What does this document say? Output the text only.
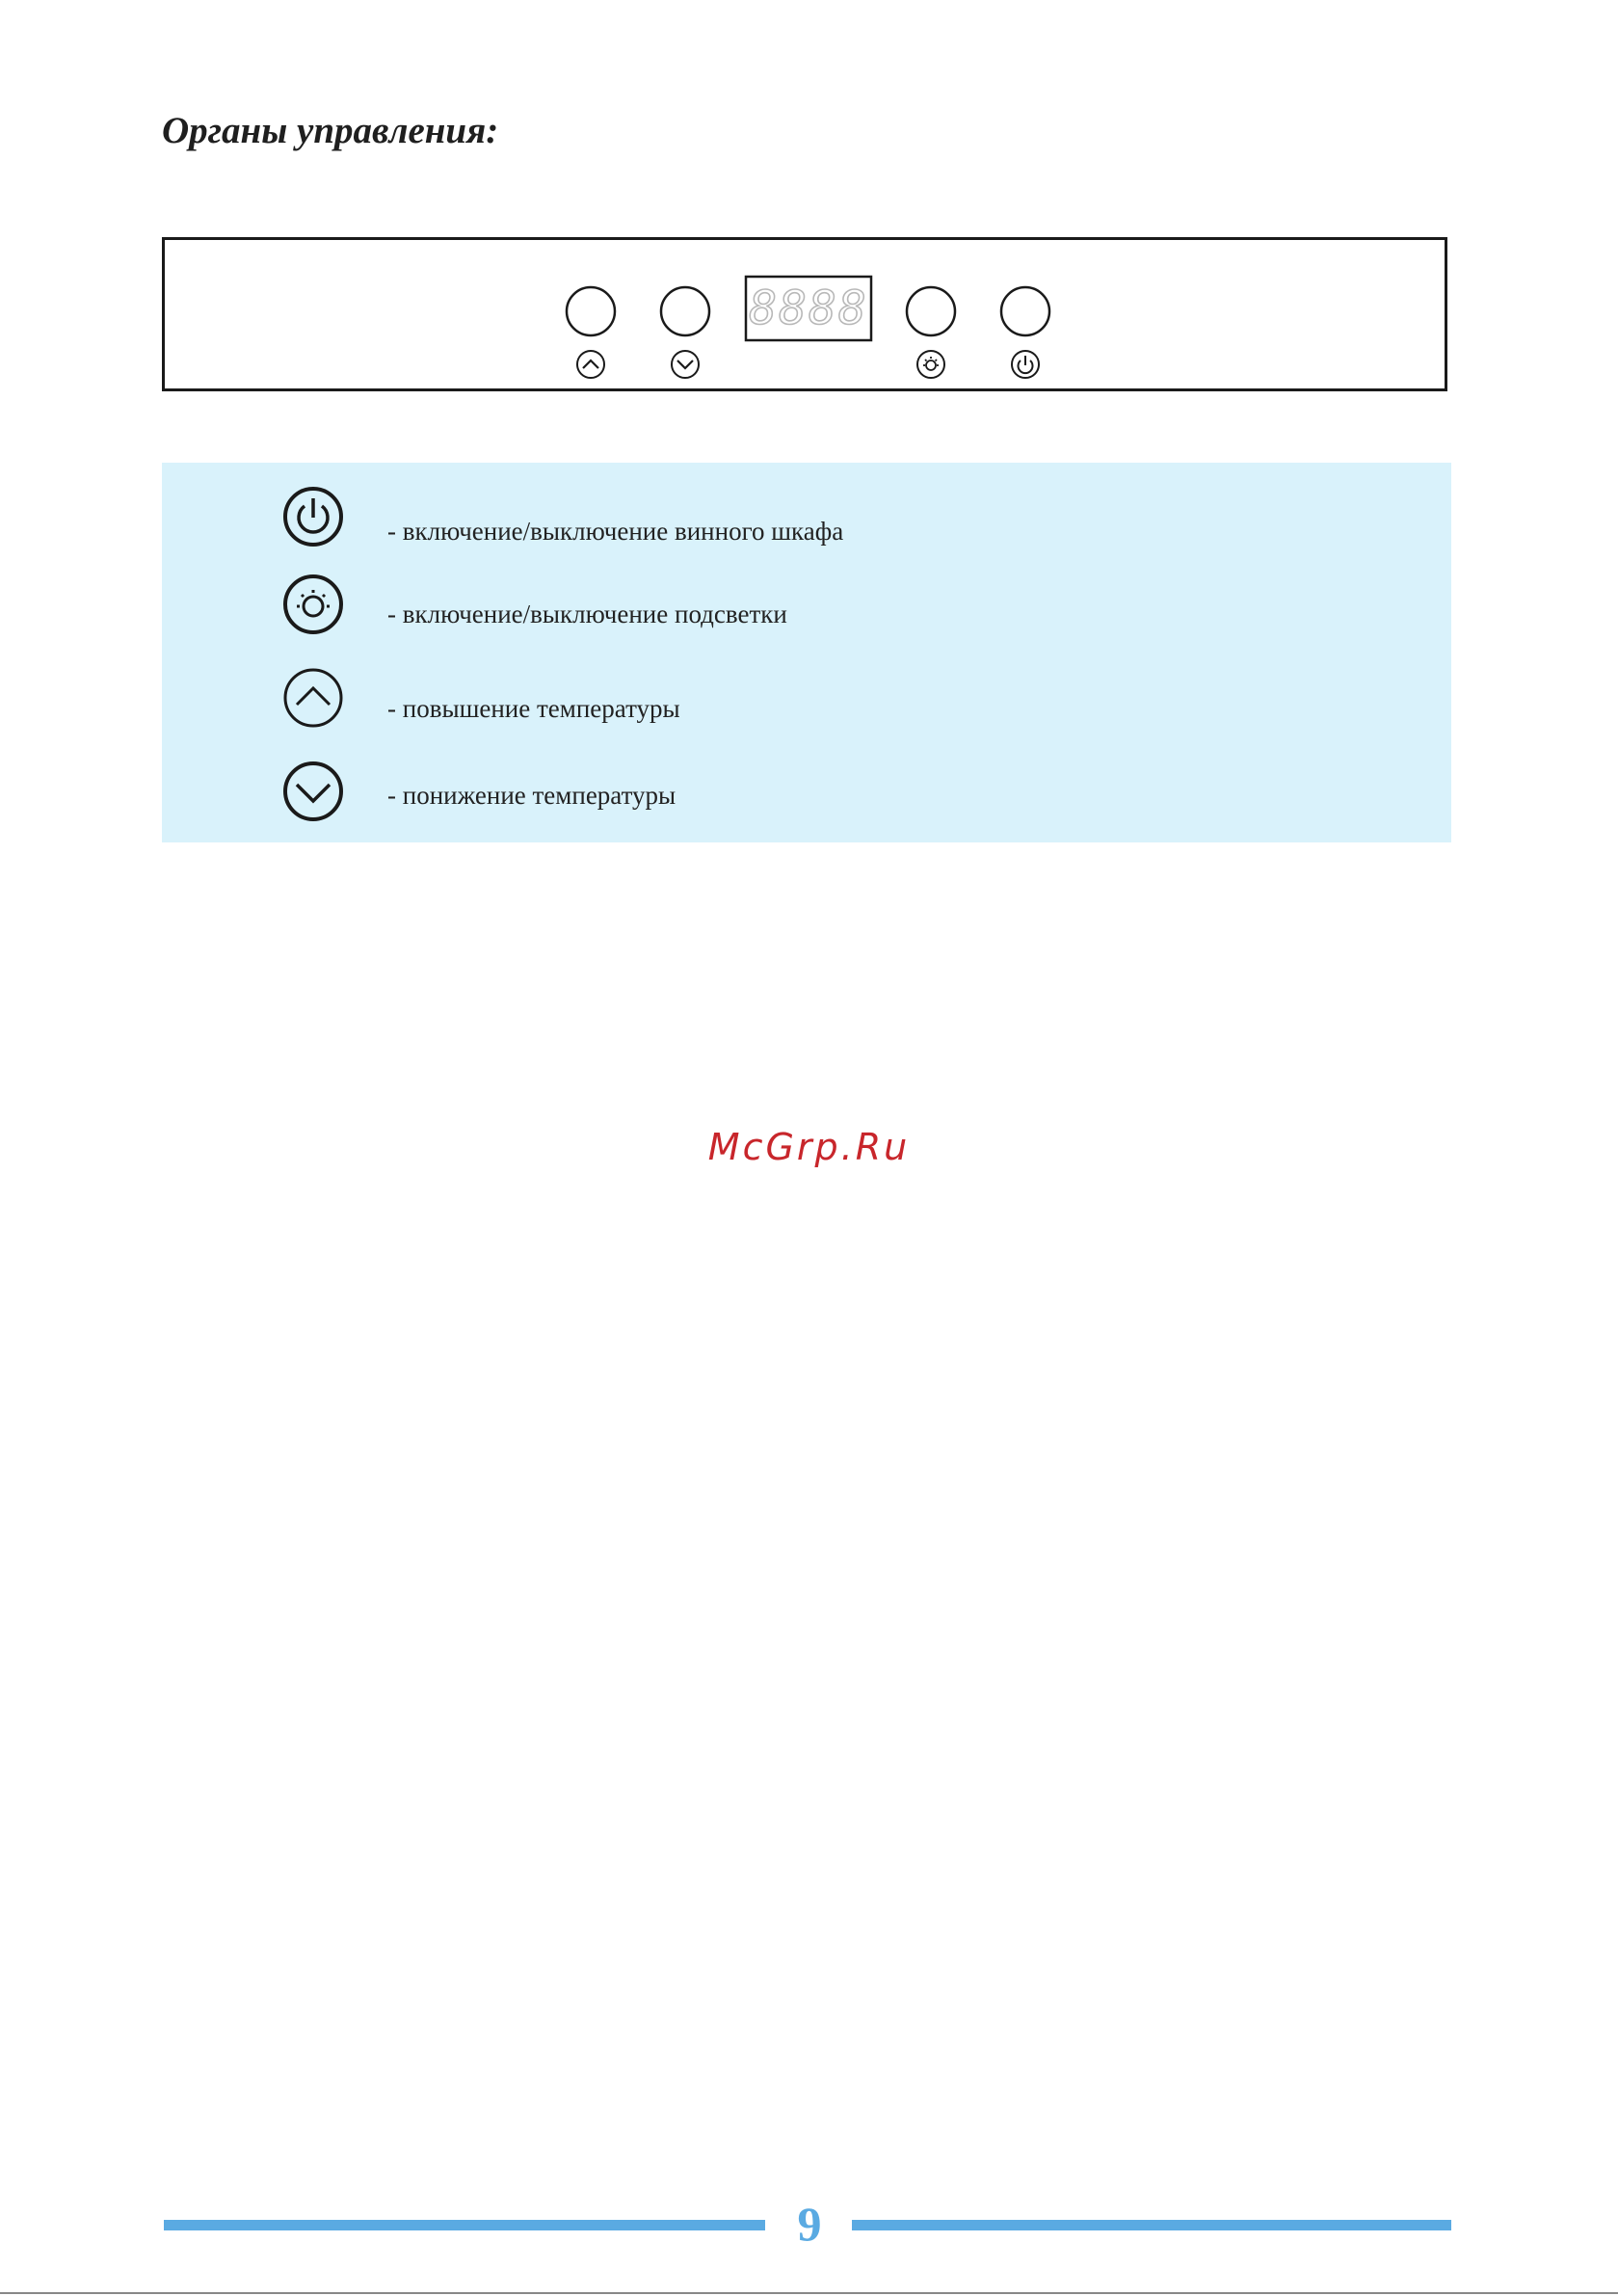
Органы управления:
8888
- включение/выключение винного шкафа
- включение/выключение подсветки
- повышение температуры
- понижение температуры
McGrp.Ru
9
